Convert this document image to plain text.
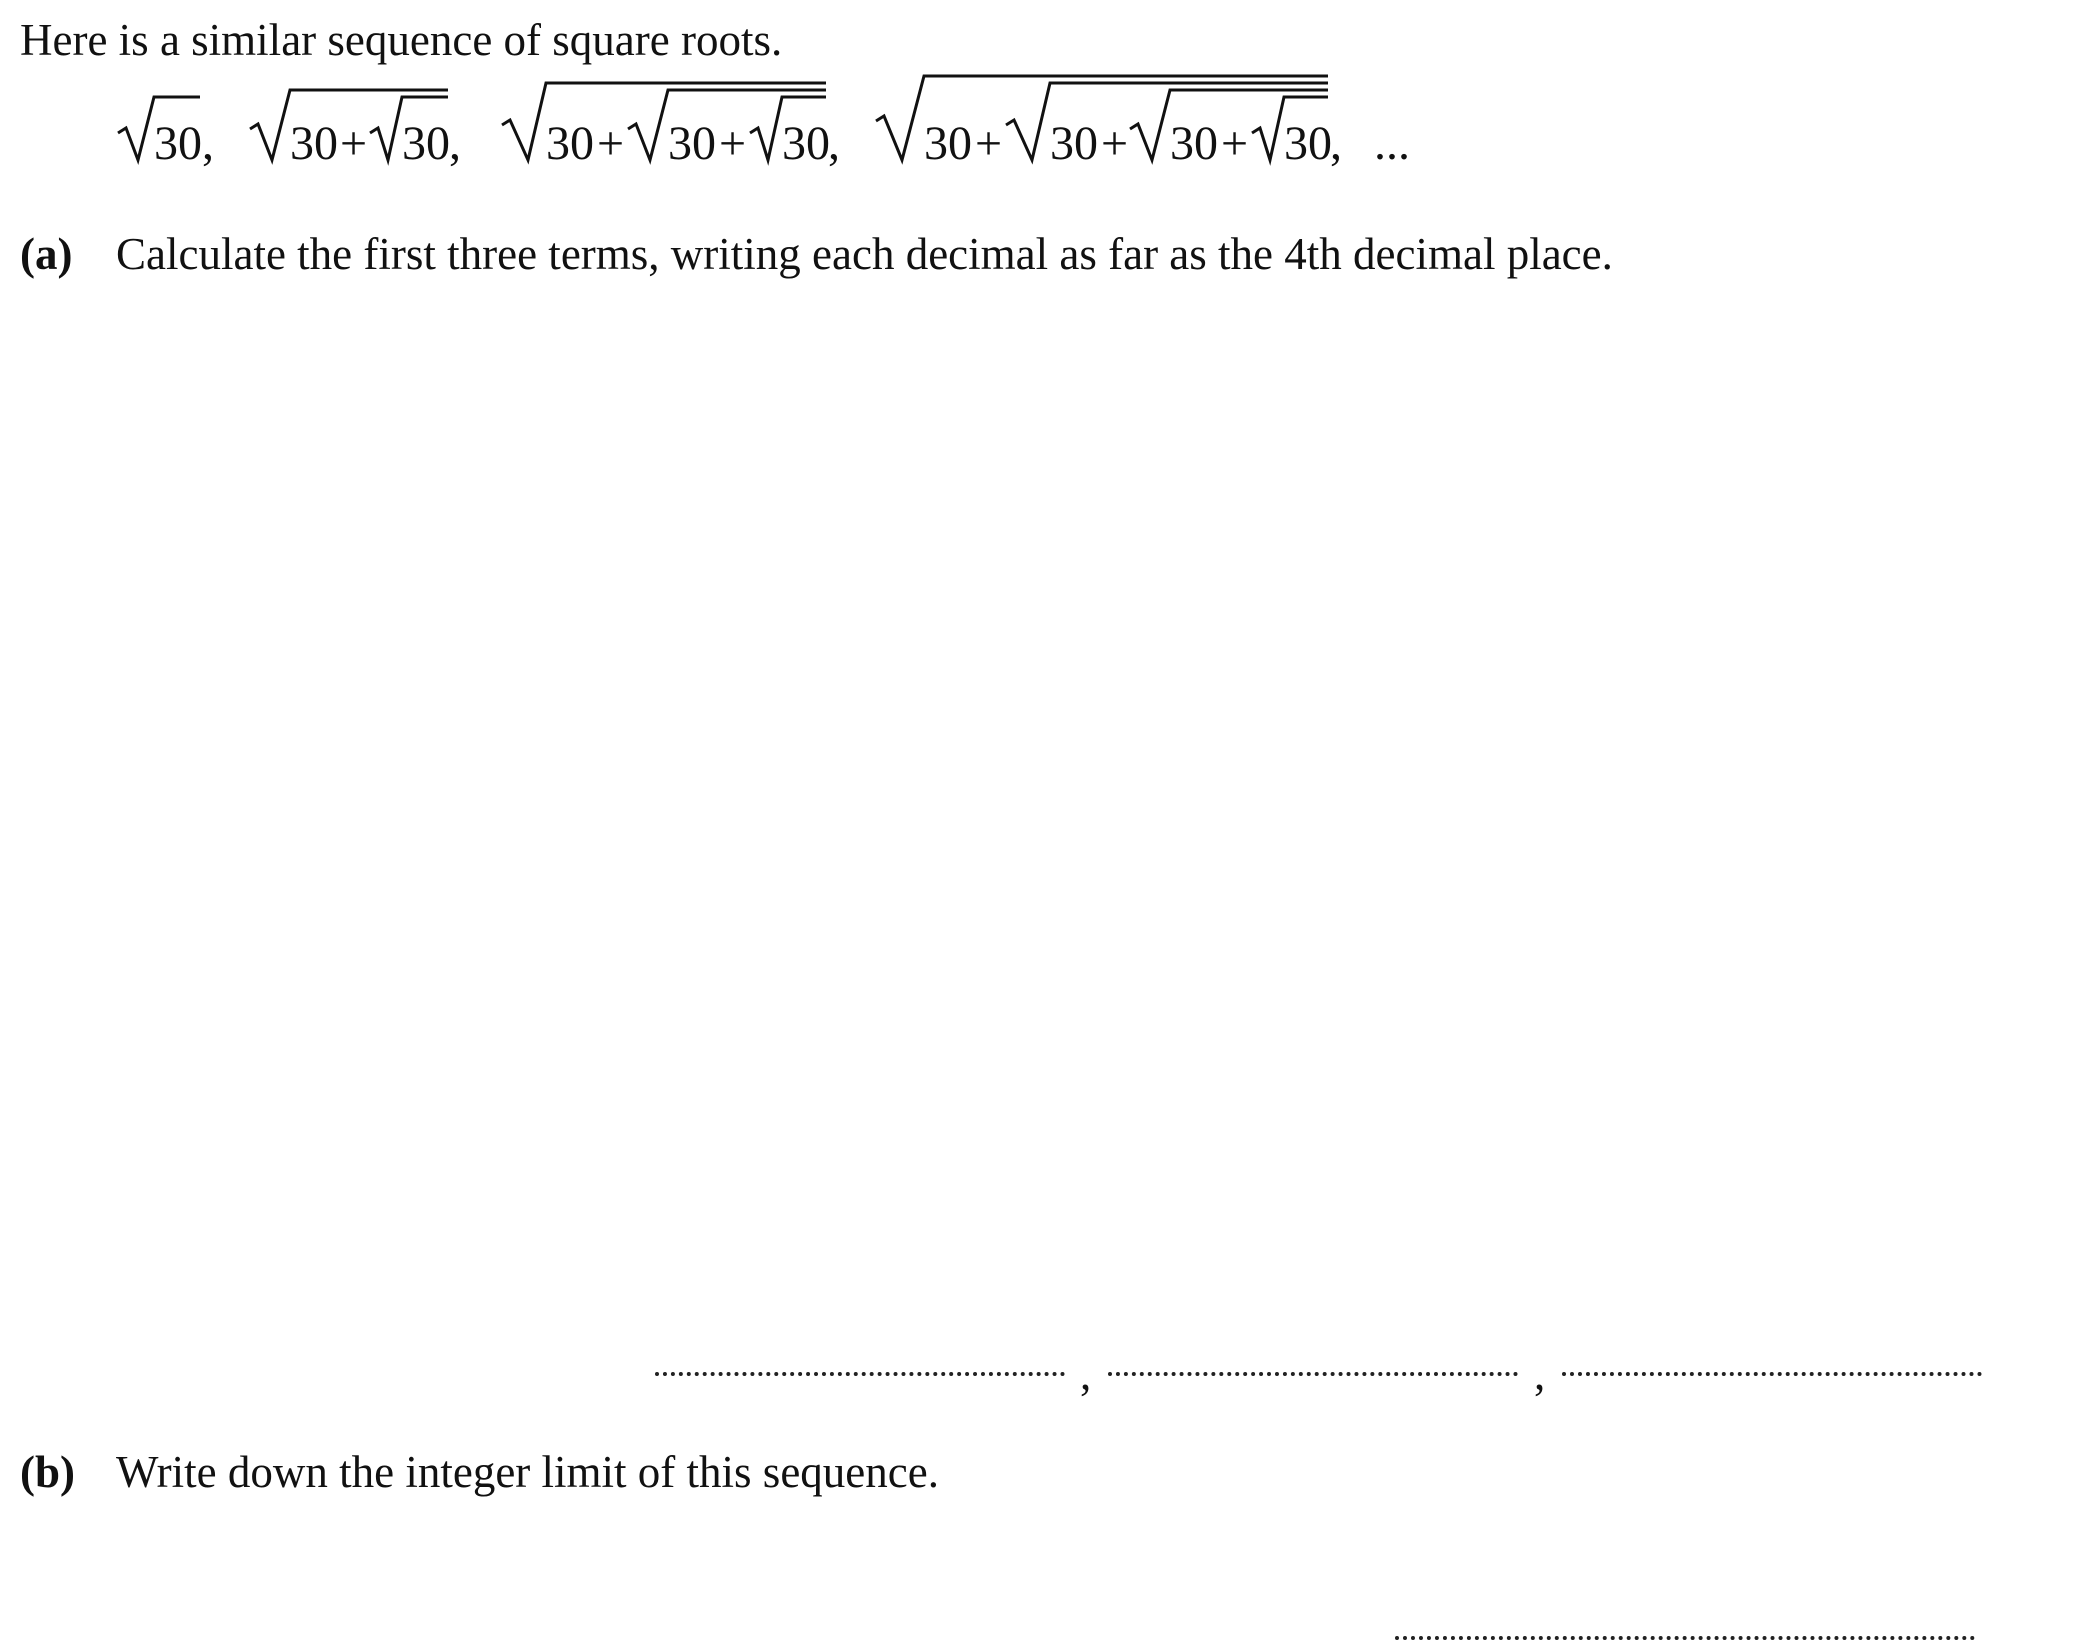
Here is a similar sequence of square roots.
30 , 30 + 30 , 30 + 30 + 30
, 30 + 30 + 30 + 30
, ...
(a) Calculate the first three terms, writing each decimal as far as the 4th decimal place.
,	,
(b) Write down the integer limit of this sequence.
